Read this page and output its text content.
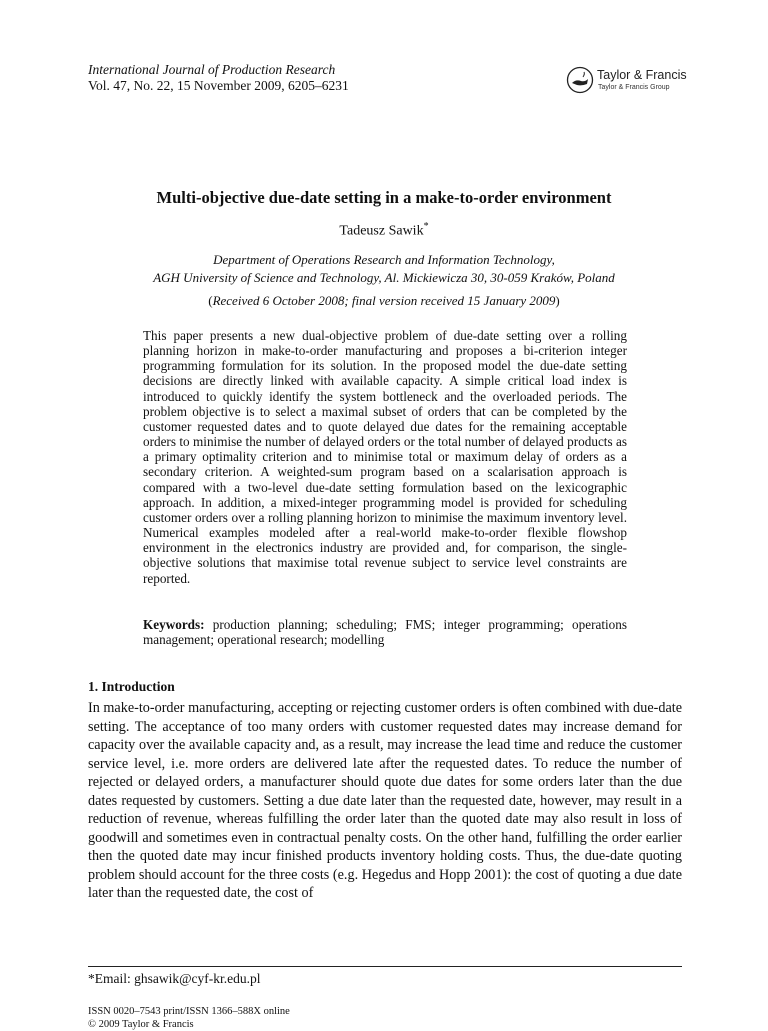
International Journal of Production Research
Vol. 47, No. 22, 15 November 2009, 6205–6231
Taylor & Francis
Taylor & Francis Group
Multi-objective due-date setting in a make-to-order environment
Tadeusz Sawik*
Department of Operations Research and Information Technology,
AGH University of Science and Technology, Al. Mickiewicza 30, 30-059 Kraków, Poland
(Received 6 October 2008; final version received 15 January 2009)
This paper presents a new dual-objective problem of due-date setting over a rolling planning horizon in make-to-order manufacturing and proposes a bi-criterion integer programming formulation for its solution. In the proposed model the due-date setting decisions are directly linked with available capacity. A simple critical load index is introduced to quickly identify the system bottleneck and the overloaded periods. The problem objective is to select a maximal subset of orders that can be completed by the customer requested dates and to quote delayed due dates for the remaining acceptable orders to minimise the number of delayed orders or the total number of delayed products as a primary optimality criterion and to minimise total or maximum delay of orders as a secondary criterion. A weighted-sum program based on a scalarisation approach is compared with a two-level due-date setting formulation based on the lexicographic approach. In addition, a mixed-integer programming model is provided for scheduling customer orders over a rolling planning horizon to minimise the maximum inventory level. Numerical examples modeled after a real-world make-to-order flexible flowshop environment in the electronics industry are provided and, for comparison, the single-objective solutions that maximise total revenue subject to service level constraints are reported.
Keywords: production planning; scheduling; FMS; integer programming; operations management; operational research; modelling
1. Introduction
In make-to-order manufacturing, accepting or rejecting customer orders is often combined with due-date setting. The acceptance of too many orders with customer requested dates may increase demand for capacity over the available capacity and, as a result, may increase the lead time and reduce the customer service level, i.e. more orders are delivered late after the requested dates. To reduce the number of rejected or delayed orders, a manufacturer should quote due dates for some orders later than the due dates requested by customers. Setting a due date later than the requested date, however, may result in a reduction of revenue, whereas fulfilling the order later than the quoted date may also result in loss of goodwill and sometimes even in contractual penalty costs. On the other hand, fulfilling the order earlier then the quoted date may incur finished products inventory holding costs. Thus, the due-date quoting problem should account for the three costs (e.g. Hegedus and Hopp 2001): the cost of quoting a due date later than the requested date, the cost of
*Email: ghsawik@cyf-kr.edu.pl
ISSN 0020–7543 print/ISSN 1366–588X online
© 2009 Taylor & Francis
